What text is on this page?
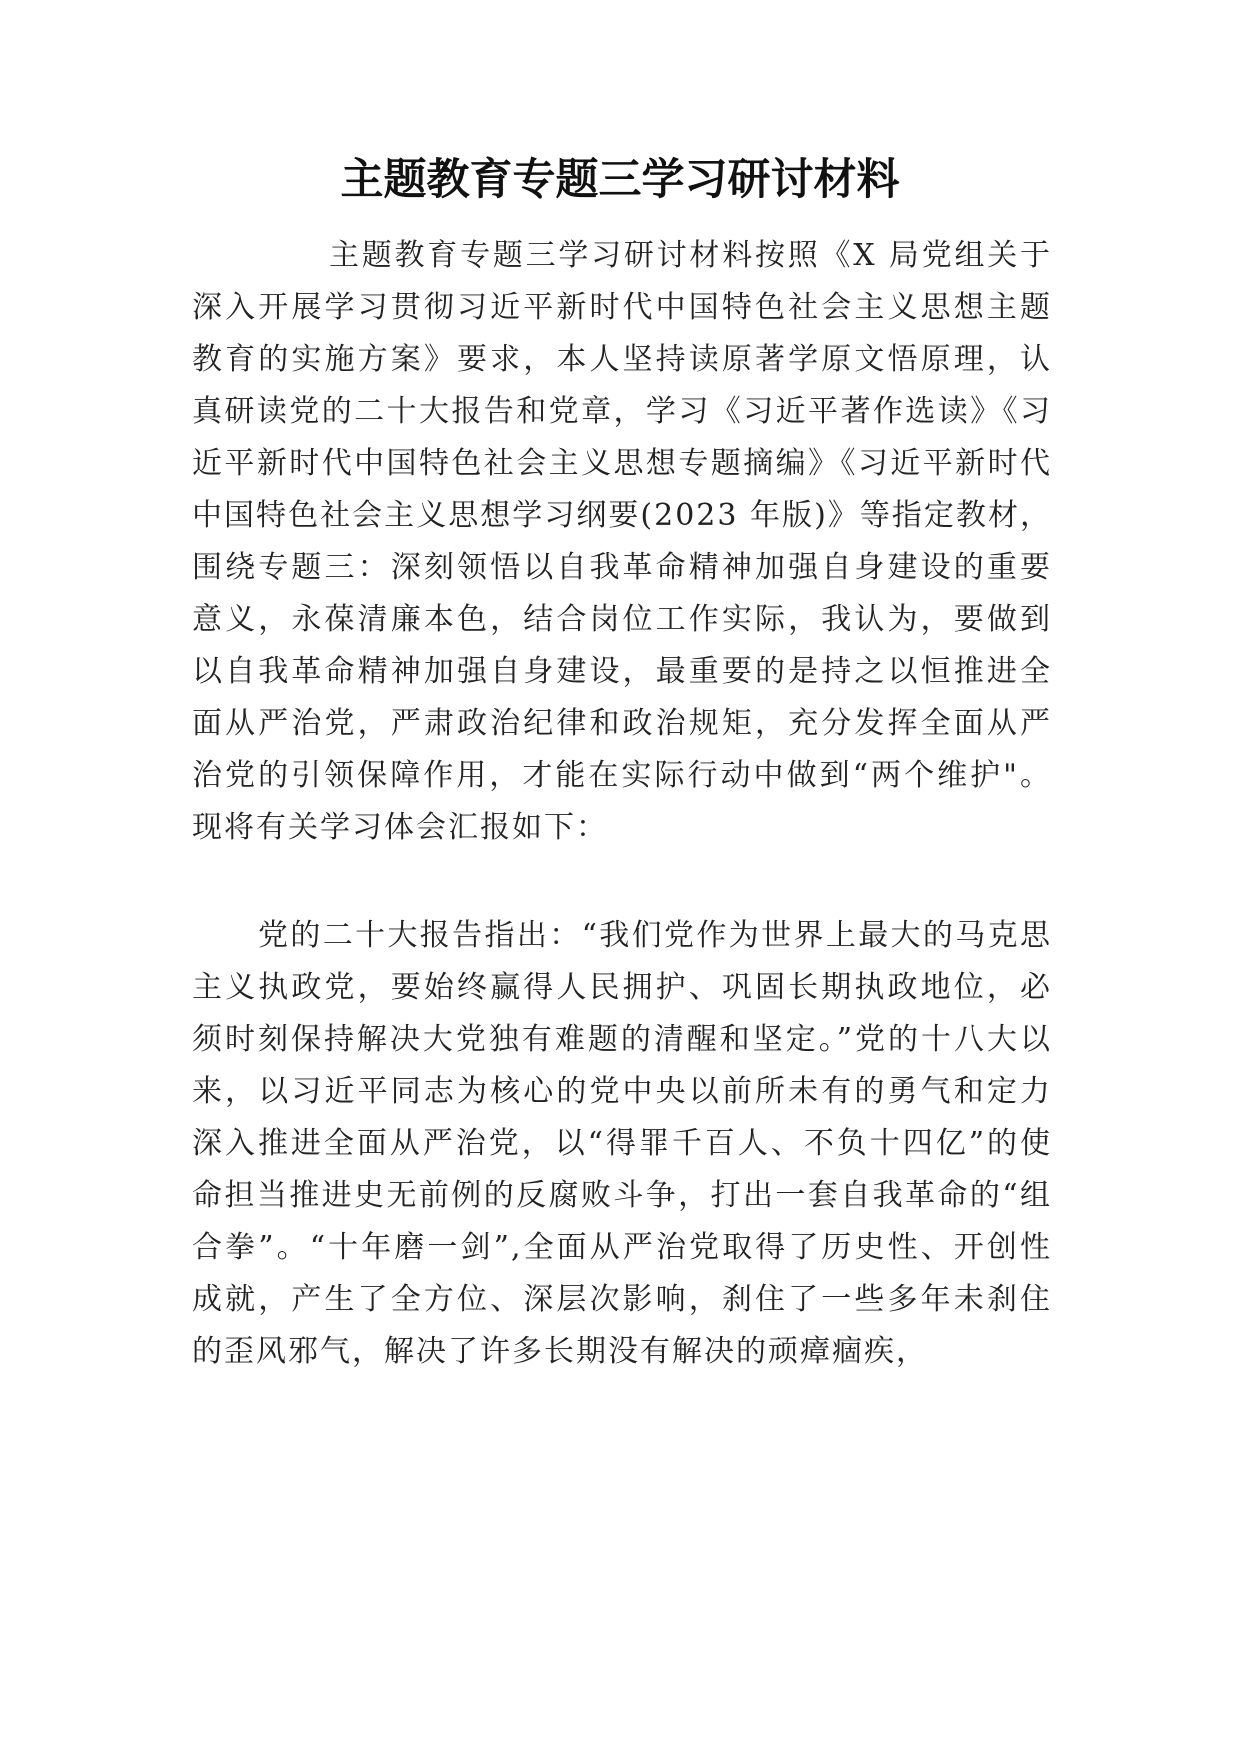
主题教育专题三学习研讨材料

主题教育专题三学习研讨材料按照《X 局党组关于深入开展学习贯彻习近平新时代中国特色社会主义思想主题教育的实施方案》要求，本人坚持读原著学原文悟原理，认真研读党的二十大报告和党章，学习《习近平著作选读》《习近平新时代中国特色社会主义思想专题摘编》《习近平新时代中国特色社会主义思想学习纲要(2023 年版)》等指定教材，围绕专题三：深刻领悟以自我革命精神加强自身建设的重要意义，永葆清廉本色，结合岗位工作实际，我认为，要做到以自我革命精神加强自身建设，最重要的是持之以恒推进全面从严治党，严肃政治纪律和政治规矩，充分发挥全面从严治党的引领保障作用，才能在实际行动中做到“两个维护"。现将有关学习体会汇报如下：

党的二十大报告指出：“我们党作为世界上最大的马克思主义执政党，要始终赢得人民拥护、巩固长期执政地位，必须时刻保持解决大党独有难题的清醒和坚定。”党的十八大以来，以习近平同志为核心的党中央以前所未有的勇气和定力深入推进全面从严治党，以“得罪千百人、不负十四亿”的使命担当推进史无前例的反腐败斗争，打出一套自我革命的“组合拳”。“十年磨一剑”,全面从严治党取得了历史性、开创性成就，产生了全方位、深层次影响，刹住了一些多年未刹住的歪风邪气，解决了许多长期没有解决的顽瘴痼疾，
